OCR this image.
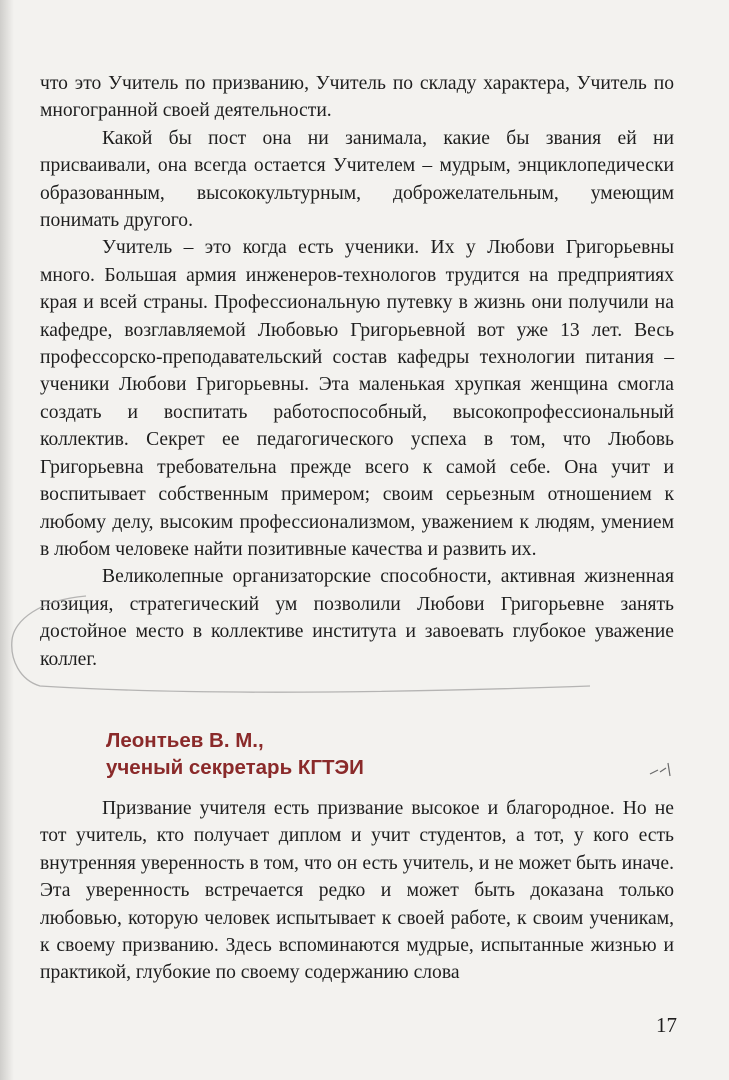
что это Учитель по призванию, Учитель по складу характера, Учитель по многогранной своей деятельности.

Какой бы пост она ни занимала, какие бы звания ей ни присваивали, она всегда остается Учителем – мудрым, энциклопедически образованным, высококультурным, доброжелательным, умеющим понимать другого.

Учитель – это когда есть ученики. Их у Любови Григорьевны много. Большая армия инженеров-технологов трудится на предприятиях края и всей страны. Профессиональную путевку в жизнь они получили на кафедре, возглавляемой Любовью Григорьевной вот уже 13 лет. Весь профессорско-преподавательский состав кафедры технологии питания – ученики Любови Григорьевны. Эта маленькая хрупкая женщина смогла создать и воспитать работоспособный, высокопрофессиональный коллектив. Секрет ее педагогического успеха в том, что Любовь Григорьевна требовательна прежде всего к самой себе. Она учит и воспитывает собственным примером; своим серьезным отношением к любому делу, высоким профессионализмом, уважением к людям, умением в любом человеке найти позитивные качества и развить их.

Великолепные организаторские способности, активная жизненная позиция, стратегический ум позволили Любови Григорьевне занять достойное место в коллективе института и завоевать глубокое уважение коллег.

Леонтьев В. М.,
ученый секретарь КГТЭИ

Призвание учителя есть призвание высокое и благородное. Но не тот учитель, кто получает диплом и учит студентов, а тот, у кого есть внутренняя уверенность в том, что он есть учитель, и не может быть иначе. Эта уверенность встречается редко и может быть доказана только любовью, которую человек испытывает к своей работе, к своим ученикам, к своему призванию. Здесь вспоминаются мудрые, испытанные жизнью и практикой, глубокие по своему содержанию слова

17
